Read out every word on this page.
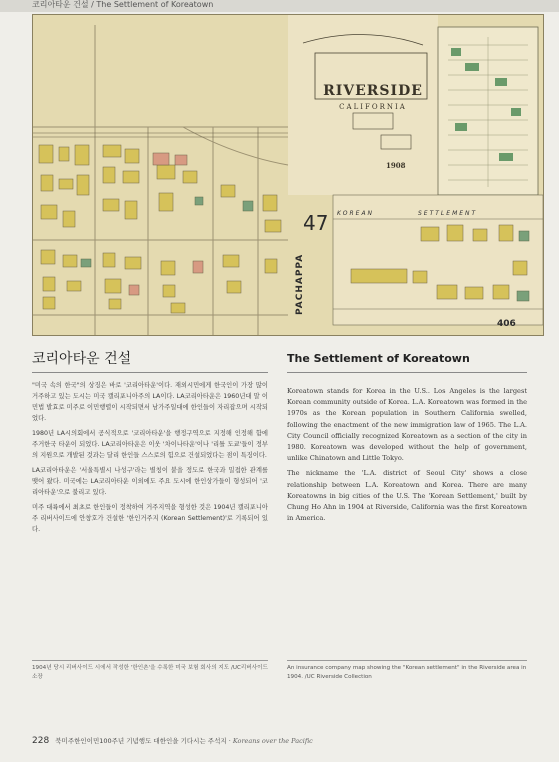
코리아타운 건설 / The Settlement of Koreatown
RIVERSIDE
CALIFORNIA
1908
47
PACHAPPA
KOREAN	SETTLEMENT
406
코리아타운 건설	The Settlement of Koreatown

"미국 속의 한국"의 상징은 바로 '코리아타운'이다. 재외시민에게 한국인이 가장 많이 거주하고 있는 도시는 미국 캘리포니아주의 LA이다. LA코리아타운은 1960년대 말 이민법 발효로 미주로 이민행렬이 시작되면서 남가주일대에 한인들이 자리잡으며 시작되었다.

1980년 LA시의회에서 공식적으로 '코리아타운'을 행정구역으로 지정해 인정해 함에 주거한국 타운이 되었다. LA코리아타운은 이웃 '차이나타운'이나 '리틀 도쿄'들이 정부의 지원으로 개발된 것과는 달리 한인들 스스로의 힘으로 건설되었다는 점이 특징이다.

LA코리아타운은 '서울특별시 나성구'라는 별칭이 붙을 정도로 한국과 밀접한 관계를 맺어 왔다. 미국에는 LA코리아타운 이외에도 주요 도시에 한인상가들이 형성되어 '코리아타운'으로 불리고 있다.

미주 대륙에서 최초로 한인들이 정착하여 거주지역을 형성한 것은 1904년 캘리포니아주 리버사이드에 안창호가 건설한 '한인거주지 (Korean Settlement)'로 기록되어 있다.

Koreatown stands for Korea in the U.S.. Los Angeles is the largest Korean community outside of Korea. L.A. Koreatown was formed in the 1970s as the Korean population in Southern California swelled, following the enactment of the new immigration law of 1965. The L.A. City Council officially recognized Koreatown as a section of the city in 1980. Koreatown was developed without the help of government, unlike Chinatown and Little Tokyo.

The nickname the 'L.A. district of Seoul City' shows a close relationship between L.A. Koreatown and Korea. There are many Koreatowns in big cities of the U.S. The 'Korean Settlement,' built by Chung Ho Ahn in 1904 at Riverside, California was the first Koreatown in America.

1904년 당시 리버사이드 시에서 작성한 '한인촌'을 수록한 미국 보험 회사의 지도 /UC리버사이드 소장
An insurance company map showing the "Korean settlement" in the Riverside area in 1904. /UC Riverside Collection
228 북미주한인이민100주년 기념행도 대한인을 기다시는 주석지 · Koreans over the Pacific
